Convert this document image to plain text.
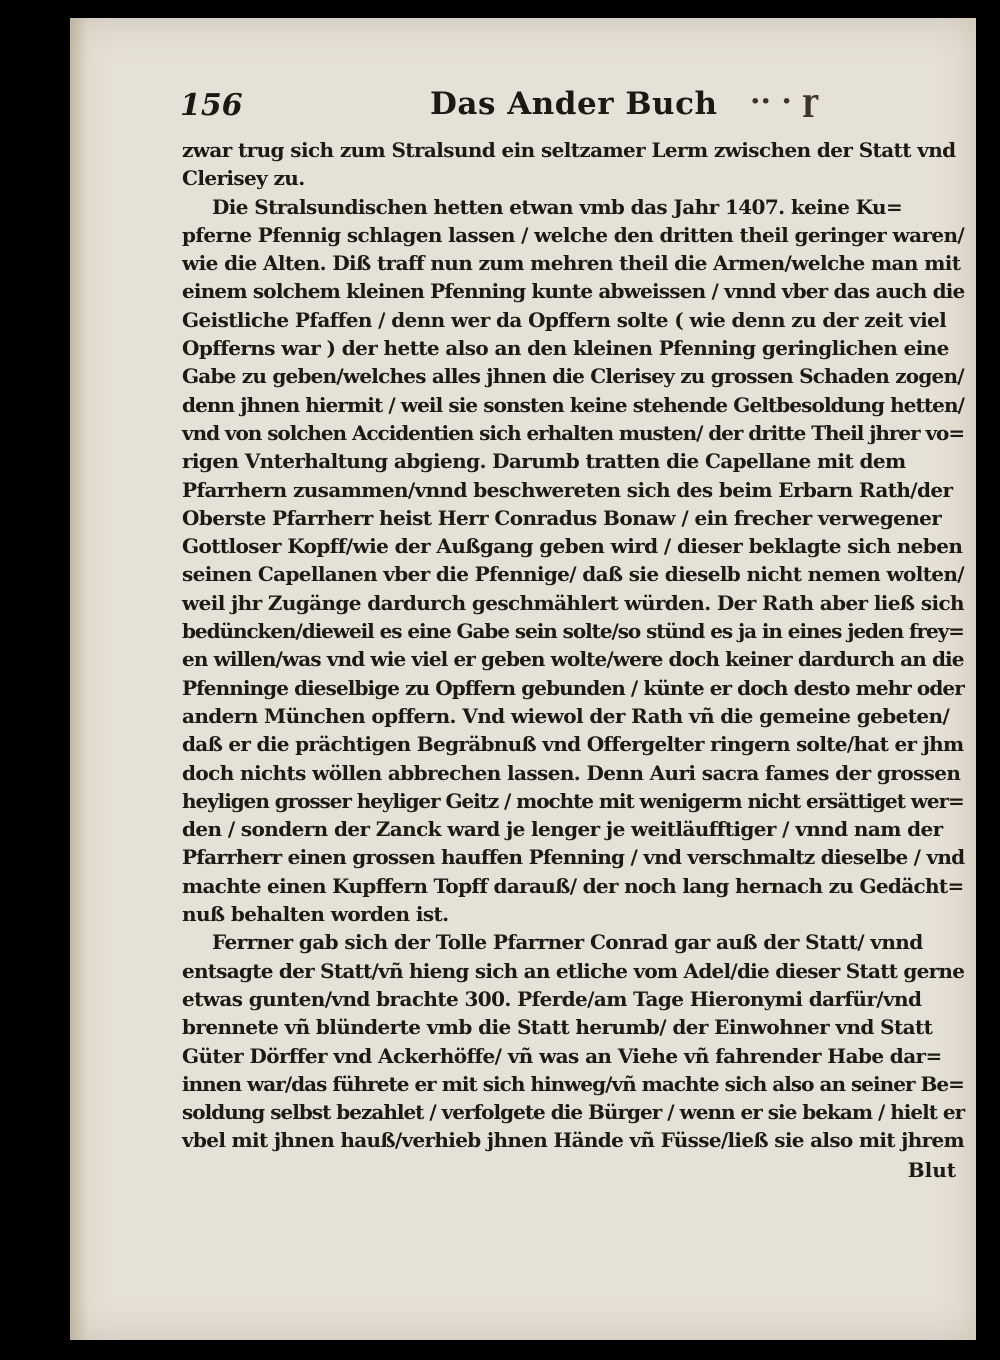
156	Das Ander Buch ·· · ɼ
zwar trug sich zum Stralsund ein seltzamer Lerm zwischen der Statt vnd
Clerisey zu.
Die Stralsundischen hetten etwan vmb das Jahr 1407. keine Ku=
pferne Pfennig schlagen lassen / welche den dritten theil geringer waren/
wie die Alten. Diß traff nun zum mehren theil die Armen/welche man mit
einem solchem kleinen Pfenning kunte abweissen / vnnd vber das auch die
Geistliche Pfaffen / denn wer da Opffern solte ( wie denn zu der zeit viel
Opfferns war ) der hette also an den kleinen Pfenning geringlichen eine
Gabe zu geben/welches alles jhnen die Clerisey zu grossen Schaden zogen/
denn jhnen hiermit / weil sie sonsten keine stehende Geltbesoldung hetten/
vnd von solchen Accidentien sich erhalten musten/ der dritte Theil jhrer vo=
rigen Vnterhaltung abgieng. Darumb tratten die Capellane mit dem
Pfarrhern zusammen/vnnd beschwereten sich des beim Erbarn Rath/der
Oberste Pfarrherr heist Herr Conradus Bonaw / ein frecher verwegener
Gottloser Kopff/wie der Außgang geben wird / dieser beklagte sich neben
seinen Capellanen vber die Pfennige/ daß sie dieselb nicht nemen wolten/
weil jhr Zugänge dardurch geschmählert würden. Der Rath aber ließ sich
bedüncken/dieweil es eine Gabe sein solte/so stünd es ja in eines jeden frey=
en willen/was vnd wie viel er geben wolte/were doch keiner dardurch an die
Pfenninge dieselbige zu Opffern gebunden / künte er doch desto mehr oder
andern München opffern. Vnd wiewol der Rath vñ die gemeine gebeten/
daß er die prächtigen Begräbnuß vnd Offergelter ringern solte/hat er jhm
doch nichts wöllen abbrechen lassen. Denn Auri sacra fames der grossen
heyligen grosser heyliger Geitz / mochte mit wenigerm nicht ersättiget wer=
den / sondern der Zanck ward je lenger je weitläufftiger / vnnd nam der
Pfarrherr einen grossen hauffen Pfenning / vnd verschmaltz dieselbe / vnd
machte einen Kupffern Topff darauß/ der noch lang hernach zu Gedächt=
nuß behalten worden ist.
Ferrner gab sich der Tolle Pfarrner Conrad gar auß der Statt/ vnnd
entsagte der Statt/vñ hieng sich an etliche vom Adel/die dieser Statt gerne
etwas gunten/vnd brachte 300. Pferde/am Tage Hieronymi darfür/vnd
brennete vñ blünderte vmb die Statt herumb/ der Einwohner vnd Statt
Güter Dörffer vnd Ackerhöffe/ vñ was an Viehe vñ fahrender Habe dar=
innen war/das führete er mit sich hinweg/vñ machte sich also an seiner Be=
soldung selbst bezahlet / verfolgete die Bürger / wenn er sie bekam / hielt er
vbel mit jhnen hauß/verhieb jhnen Hände vñ Füsse/ließ sie also mit jhrem
Blut
